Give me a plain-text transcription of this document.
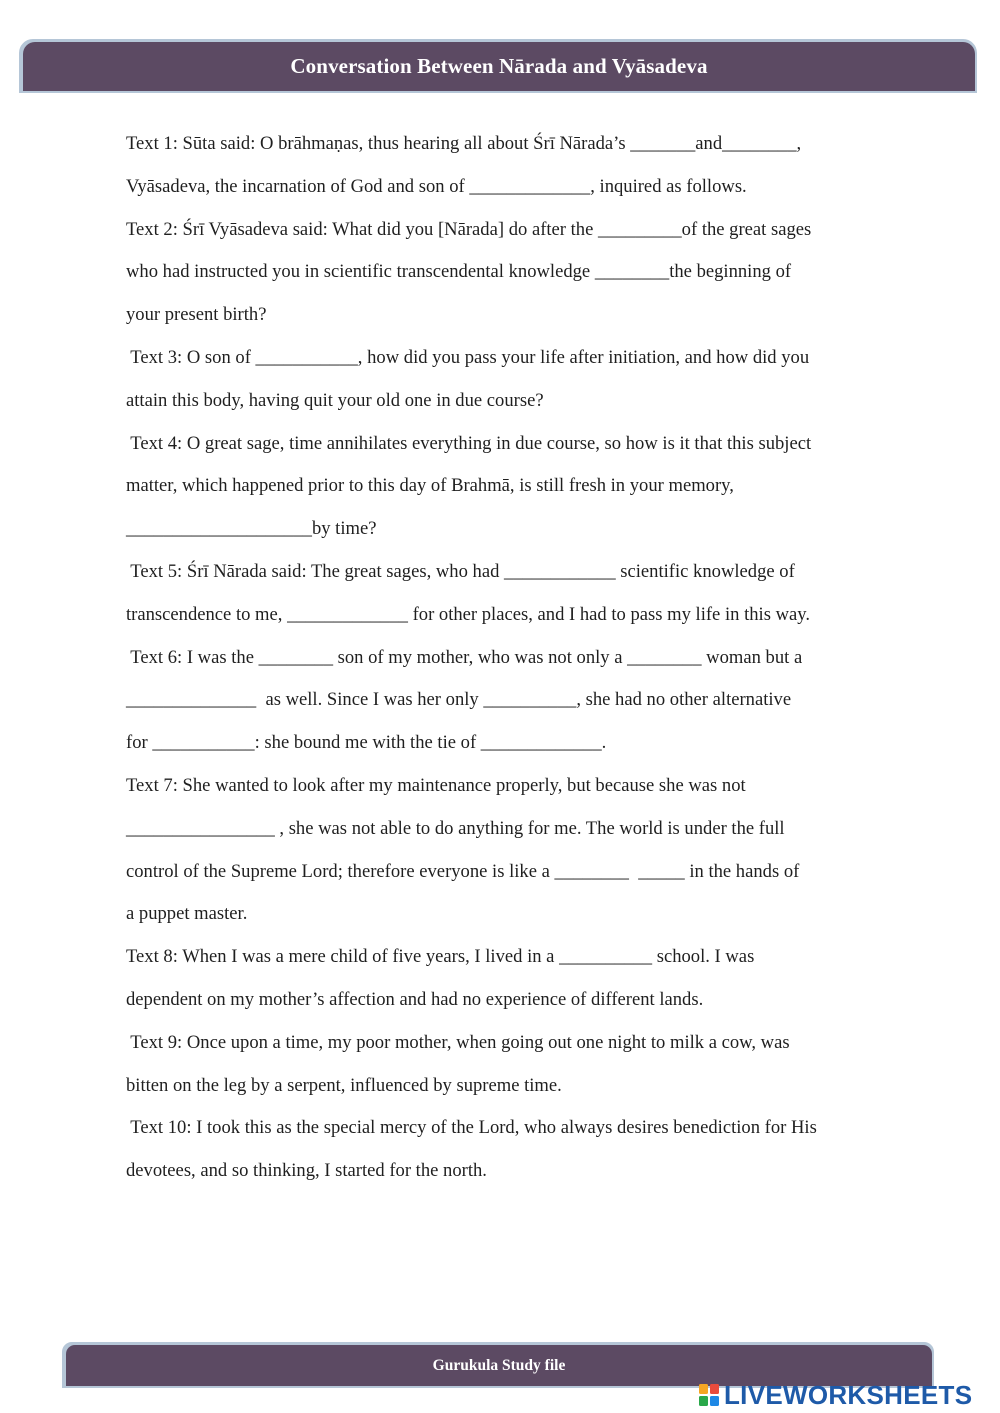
Conversation Between Nārada and Vyāsadeva
Text 1: Sūta said: O brāhmaṇas, thus hearing all about Śrī Nārada’s _______and________,
Vyāsadeva, the incarnation of God and son of _____________, inquired as follows.
Text 2: Śrī Vyāsadeva said: What did you [Nārada] do after the _________of the great sages
who had instructed you in scientific transcendental knowledge ________the beginning of
your present birth?
Text 3: O son of ___________, how did you pass your life after initiation, and how did you
attain this body, having quit your old one in due course?
Text 4: O great sage, time annihilates everything in due course, so how is it that this subject
matter, which happened prior to this day of Brahmā, is still fresh in your memory,
____________________by time?
Text 5: Śrī Nārada said: The great sages, who had ____________ scientific knowledge of
transcendence to me, _____________ for other places, and I had to pass my life in this way.
Text 6: I was the ________ son of my mother, who was not only a ________ woman but a
______________  as well. Since I was her only __________, she had no other alternative
for ___________: she bound me with the tie of _____________.
Text 7: She wanted to look after my maintenance properly, but because she was not
________________ , she was not able to do anything for me. The world is under the full
control of the Supreme Lord; therefore everyone is like a ________  _____ in the hands of
a puppet master.
Text 8: When I was a mere child of five years, I lived in a __________ school. I was
dependent on my mother’s affection and had no experience of different lands.
Text 9: Once upon a time, my poor mother, when going out one night to milk a cow, was
bitten on the leg by a serpent, influenced by supreme time.
Text 10: I took this as the special mercy of the Lord, who always desires benediction for His
devotees, and so thinking, I started for the north.
Gurukula Study file
LIVEWORKSHEETS
